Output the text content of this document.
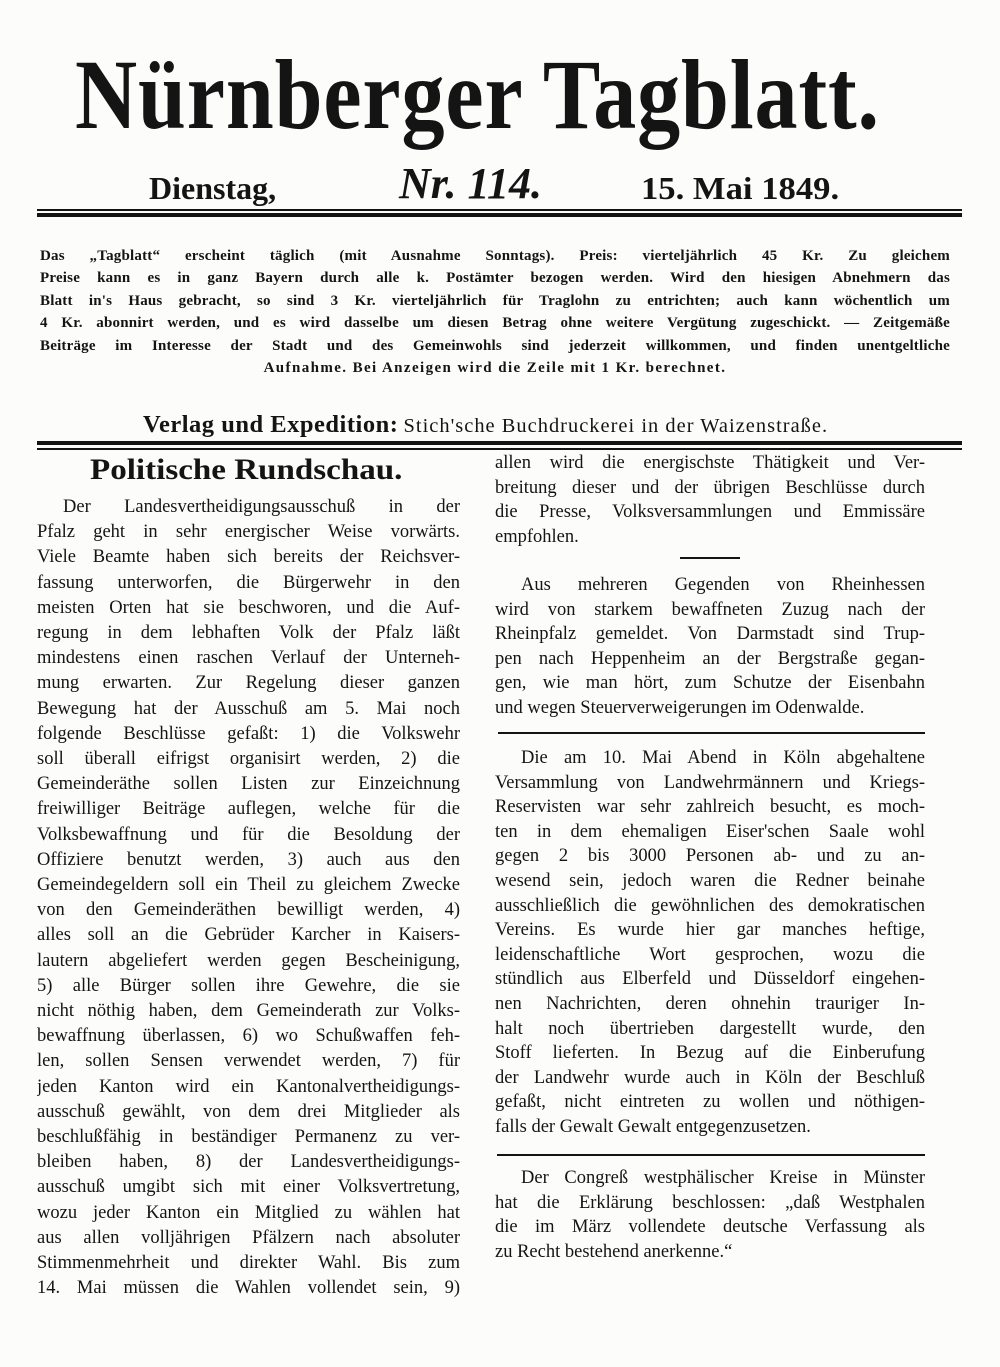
Nürnberger Tagblatt.
Dienstag,	Nr. 114.	15. Mai 1849.
Das „Tagblatt“ erscheint täglich (mit Ausnahme Sonntags). Preis: vierteljährlich 45 Kr. Zu gleichem
Preise kann es in ganz Bayern durch alle k. Postämter bezogen werden. Wird den hiesigen Abnehmern das
Blatt in's Haus gebracht, so sind 3 Kr. vierteljährlich für Traglohn zu entrichten; auch kann wöchentlich um
4 Kr. abonnirt werden, und es wird dasselbe um diesen Betrag ohne weitere Vergütung zugeschickt. — Zeitgemäße
Beiträge im Interesse der Stadt und des Gemeinwohls sind jederzeit willkommen, und finden unentgeltliche
Aufnahme. Bei Anzeigen wird die Zeile mit 1 Kr. berechnet.
Verlag und Expedition: Stich'sche Buchdruckerei in der Waizenstraße.
Politische Rundschau.
Der Landesvertheidigungsausschuß in der
Pfalz geht in sehr energischer Weise vorwärts.
Viele Beamte haben sich bereits der Reichsver-
fassung unterworfen, die Bürgerwehr in den
meisten Orten hat sie beschworen, und die Auf-
regung in dem lebhaften Volk der Pfalz läßt
mindestens einen raschen Verlauf der Unterneh-
mung erwarten. Zur Regelung dieser ganzen
Bewegung hat der Ausschuß am 5. Mai noch
folgende Beschlüsse gefaßt: 1) die Volkswehr
soll überall eifrigst organisirt werden, 2) die
Gemeinderäthe sollen Listen zur Einzeichnung
freiwilliger Beiträge auflegen, welche für die
Volksbewaffnung und für die Besoldung der
Offiziere benutzt werden, 3) auch aus den
Gemeindegeldern soll ein Theil zu gleichem Zwecke
von den Gemeinderäthen bewilligt werden, 4)
alles soll an die Gebrüder Karcher in Kaisers-
lautern abgeliefert werden gegen Bescheinigung,
5) alle Bürger sollen ihre Gewehre, die sie
nicht nöthig haben, dem Gemeinderath zur Volks-
bewaffnung überlassen, 6) wo Schußwaffen feh-
len, sollen Sensen verwendet werden, 7) für
jeden Kanton wird ein Kantonalvertheidigungs-
ausschuß gewählt, von dem drei Mitglieder als
beschlußfähig in beständiger Permanenz zu ver-
bleiben haben, 8) der Landesvertheidigungs-
ausschuß umgibt sich mit einer Volksvertretung,
wozu jeder Kanton ein Mitglied zu wählen hat
aus allen volljährigen Pfälzern nach absoluter
Stimmenmehrheit und direkter Wahl. Bis zum
14. Mai müssen die Wahlen vollendet sein, 9)
allen wird die energischste Thätigkeit und Ver-
breitung dieser und der übrigen Beschlüsse durch
die Presse, Volksversammlungen und Emmissäre
empfohlen.
Aus mehreren Gegenden von Rheinhessen
wird von starkem bewaffneten Zuzug nach der
Rheinpfalz gemeldet. Von Darmstadt sind Trup-
pen nach Heppenheim an der Bergstraße gegan-
gen, wie man hört, zum Schutze der Eisenbahn
und wegen Steuerverweigerungen im Odenwalde.
Die am 10. Mai Abend in Köln abgehaltene
Versammlung von Landwehrmännern und Kriegs-
Reservisten war sehr zahlreich besucht, es moch-
ten in dem ehemaligen Eiser'schen Saale wohl
gegen 2 bis 3000 Personen ab- und zu an-
wesend sein, jedoch waren die Redner beinahe
ausschließlich die gewöhnlichen des demokratischen
Vereins. Es wurde hier gar manches heftige,
leidenschaftliche Wort gesprochen, wozu die
stündlich aus Elberfeld und Düsseldorf eingehen-
nen Nachrichten, deren ohnehin trauriger In-
halt noch übertrieben dargestellt wurde, den
Stoff lieferten. In Bezug auf die Einberufung
der Landwehr wurde auch in Köln der Beschluß
gefaßt, nicht eintreten zu wollen und nöthigen-
falls der Gewalt Gewalt entgegenzusetzen.
Der Congreß westphälischer Kreise in Münster
hat die Erklärung beschlossen: „daß Westphalen
die im März vollendete deutsche Verfassung als
zu Recht bestehend anerkenne.“
